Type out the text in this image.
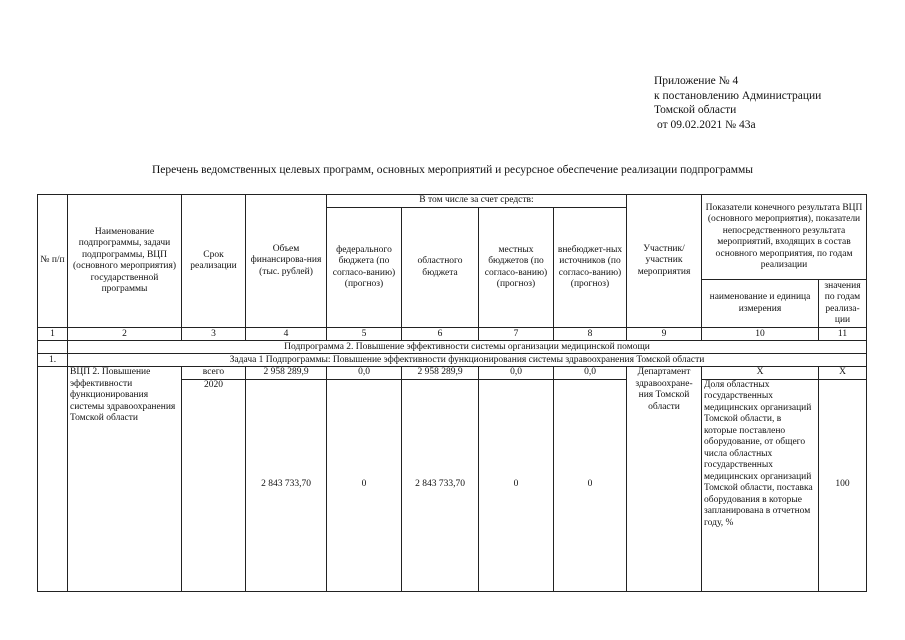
Приложение № 4
к постановлению Администрации
Томской области
от 09.02.2021 № 43а
Перечень ведомственных целевых программ, основных мероприятий и ресурсное обеспечение реализации подпрограммы
№ п/п	Наименование подпрограммы, задачи подпрограммы, ВЦП (основного мероприятия) государственной программы	Срок реализации	Объем финансирова-ния (тыс. рублей)	В том числе за счет средств:				Участник/ участник мероприятия	Показатели конечного результата ВЦП (основного мероприятия), показатели непосредственного результата мероприятий, входящих в состав основного мероприятия, по годам реализации	
				федерального бюджета (по согласо-ванию) (прогноз)	областного бюджета	местных бюджетов (по согласо-ванию) (прогноз)	внебюджет-ных источников (по согласо-ванию) (прогноз)			
									наименование и единица измерения	значения по годам реализа-ции
1	2	3	4	5	6	7	8	9	10	11
	Подпрограмма 2. Повышение эффективности системы организации медицинской помощи									
1.	Задача 1 Подпрограммы: Повышение эффективности функционирования системы здравоохранения Томской области									
	ВЦП 2. Повышение эффективности функционирования системы здравоохранения Томской области	всего	2 958 289,9	0,0	2 958 289,9	0,0	0,0	Департамент здравоохране-ния Томской области	Х	Х
		2020	2 843 733,70	0	2 843 733,70	0	0		Доля областных государственных медицинских организаций Томской области, в которые поставлено оборудование, от общего числа областных государственных медицинских организаций Томской области, поставка оборудования в которые запланирована в отчетном году, %	100
